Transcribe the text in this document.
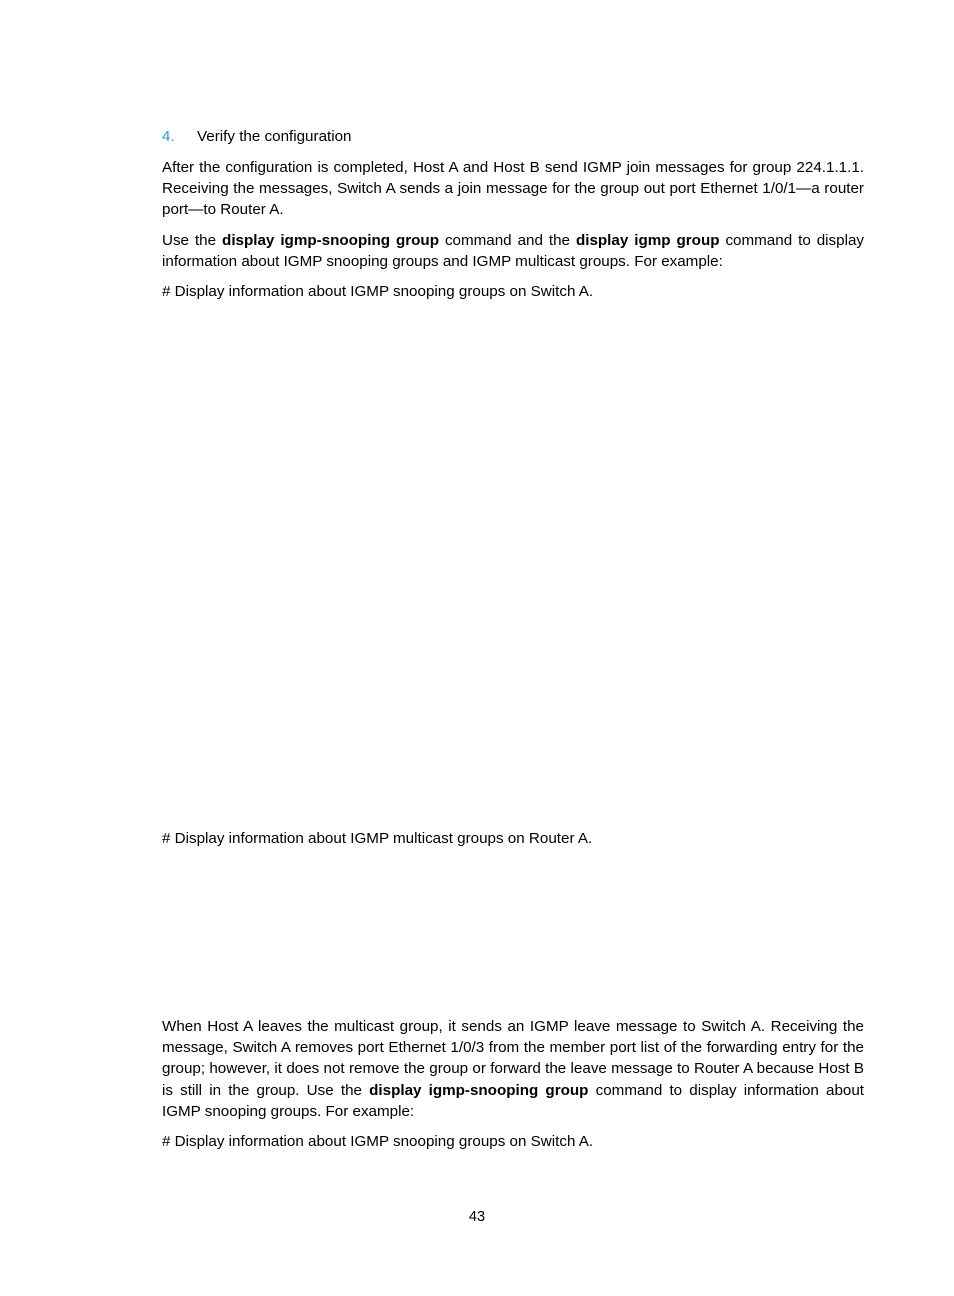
4. Verify the configuration

After the configuration is completed, Host A and Host B send IGMP join messages for group 224.1.1.1. Receiving the messages, Switch A sends a join message for the group out port Ethernet 1/0/1—a router port—to Router A.

Use the display igmp-snooping group command and the display igmp group command to display information about IGMP snooping groups and IGMP multicast groups. For example:

# Display information about IGMP snooping groups on Switch A.

# Display information about IGMP multicast groups on Router A.

When Host A leaves the multicast group, it sends an IGMP leave message to Switch A. Receiving the message, Switch A removes port Ethernet 1/0/3 from the member port list of the forwarding entry for the group; however, it does not remove the group or forward the leave message to Router A because Host B is still in the group. Use the display igmp-snooping group command to display information about IGMP snooping groups. For example:

# Display information about IGMP snooping groups on Switch A.

43
